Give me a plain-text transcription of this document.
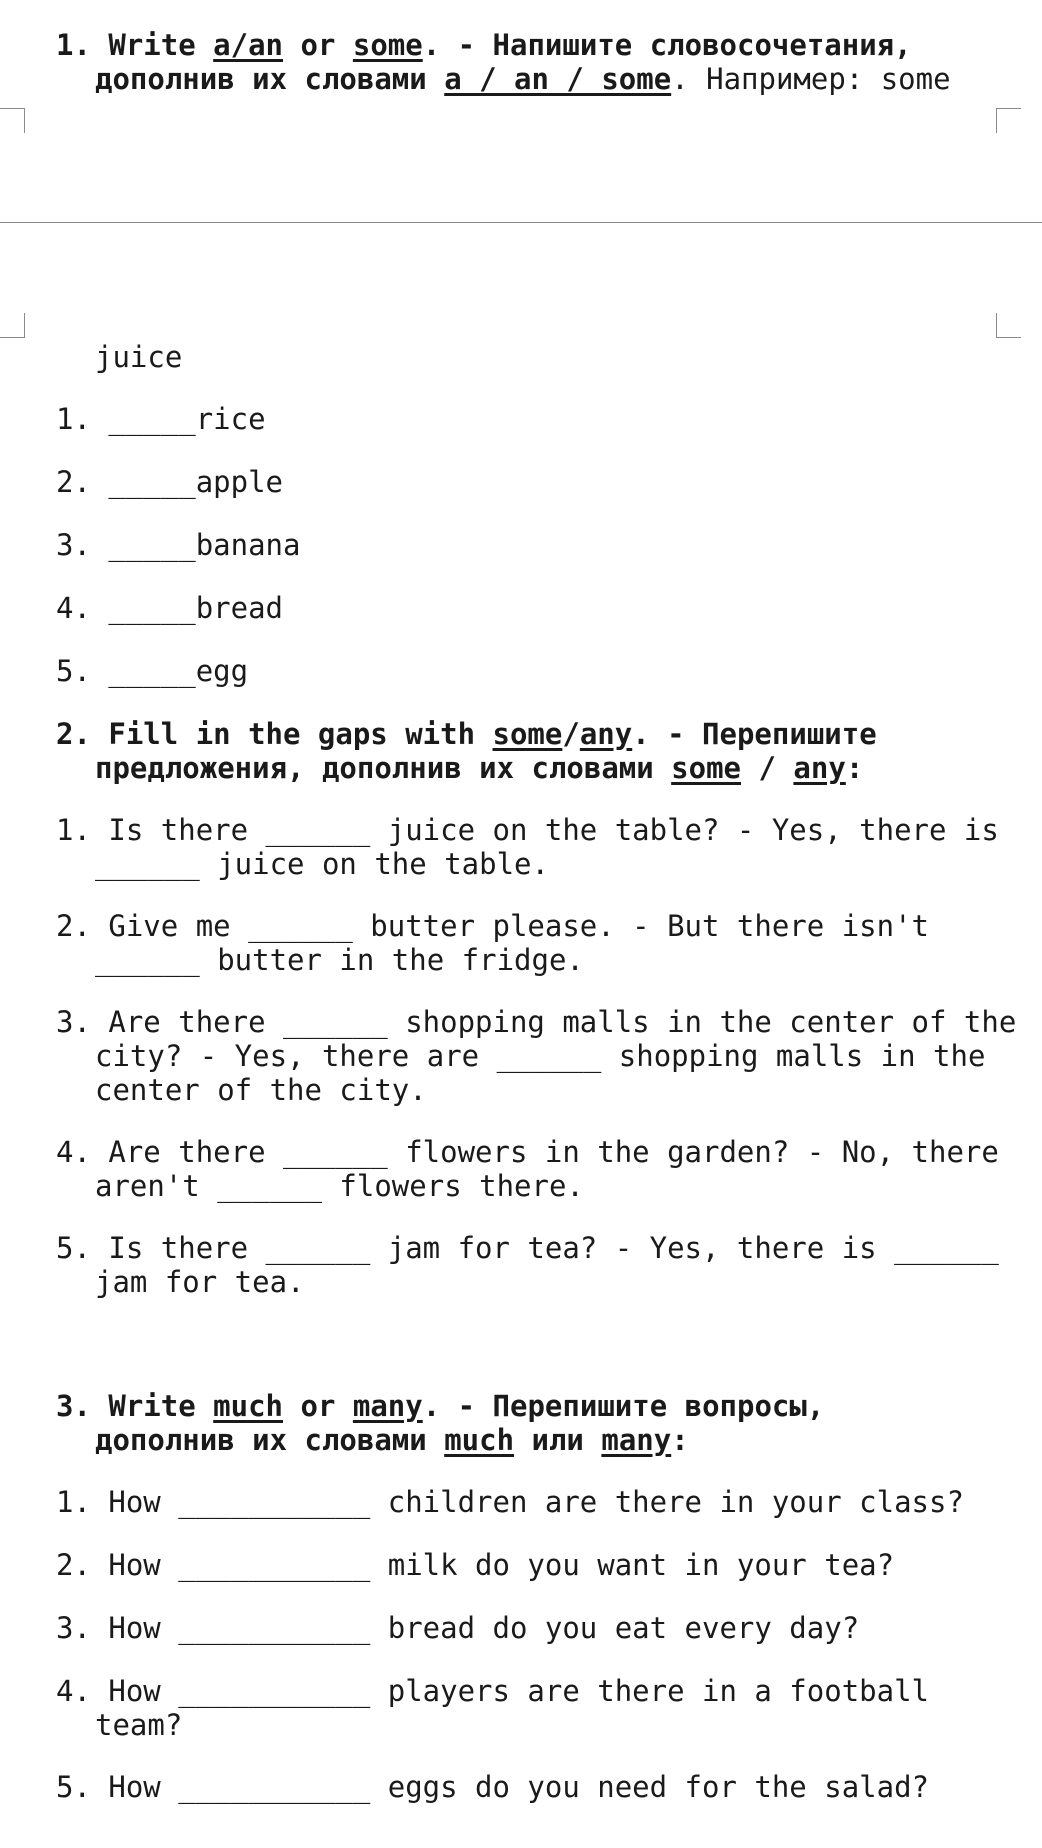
1. Write a/an or some. - Напишите словосочетания,
дополнив их словами a / an / some. Например: some
juice
1. _____rice
2. _____apple
3. _____banana
4. _____bread
5. _____egg
2. Fill in the gaps with some/any. - Перепишите
предложения, дополнив их словами some / any:
1. Is there ______ juice on the table? - Yes, there is
______ juice on the table.
2. Give me ______ butter please. - But there isn't
______ butter in the fridge.
3. Are there ______ shopping malls in the center of the
city? - Yes, there are ______ shopping malls in the
center of the city.
4. Are there ______ flowers in the garden? - No, there
aren't ______ flowers there.
5. Is there ______ jam for tea? - Yes, there is ______
jam for tea.
3. Write much or many. - Перепишите вопросы,
дополнив их словами much или many:
1. How ___________ children are there in your class?
2. How ___________ milk do you want in your tea?
3. How ___________ bread do you eat every day?
4. How ___________ players are there in a football
team?
5. How ___________ eggs do you need for the salad?
